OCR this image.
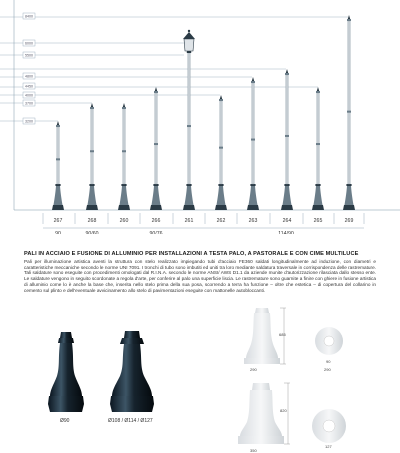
8400
6000
5500
4800
4450
4000
3700
3200
267	268	260	266	261	262	263	264	265	269
90	90/60	90/76	114/90

PALI IN ACCIAIO E FUSIONE DI ALLUMINIO PER INSTALLAZIONI A TESTA PALO, A PASTORALE E CON CIME MULTILUCE

Pali per illuminazione artistica aventi la struttura con stelo realizzato impiegando tubi d'acciaio FE360 saldati longitudinalmente ad induzione, con diametri e caratteristiche meccaniche secondo le norme UNI 7091. I tronchi di tubo sono imbutiti ed uniti tra loro mediante saldatura traversale in corrispondenza delle rastremature. Tali saldature sono eseguite con procedimenti omologati dal R.I.N.A. secondo le norme ANSI/ AWS D1.1 da aziende munite d'autorizzazione rilasciata dallo stesso ente. Le saldature vengono in seguito scordonate a regola d'arte, per conferire al palo una superficie liscia. Le rastremature sono guarnite a finire con ghiere in fusione artistica di alluminio come lo è anche la base che, inserita nello stelo prima della sua posa, scorrendo a terra ha funzione – oltre che estetica – di copertura del collarino in cemento sul plinto e dell'eventuale avvicinamento allo stelo di pavimentazioni eseguite con mattonelle autobloccanti.

Ø90	Ø108 / Ø114 / Ø127
685
290
90
290
820
350
127
